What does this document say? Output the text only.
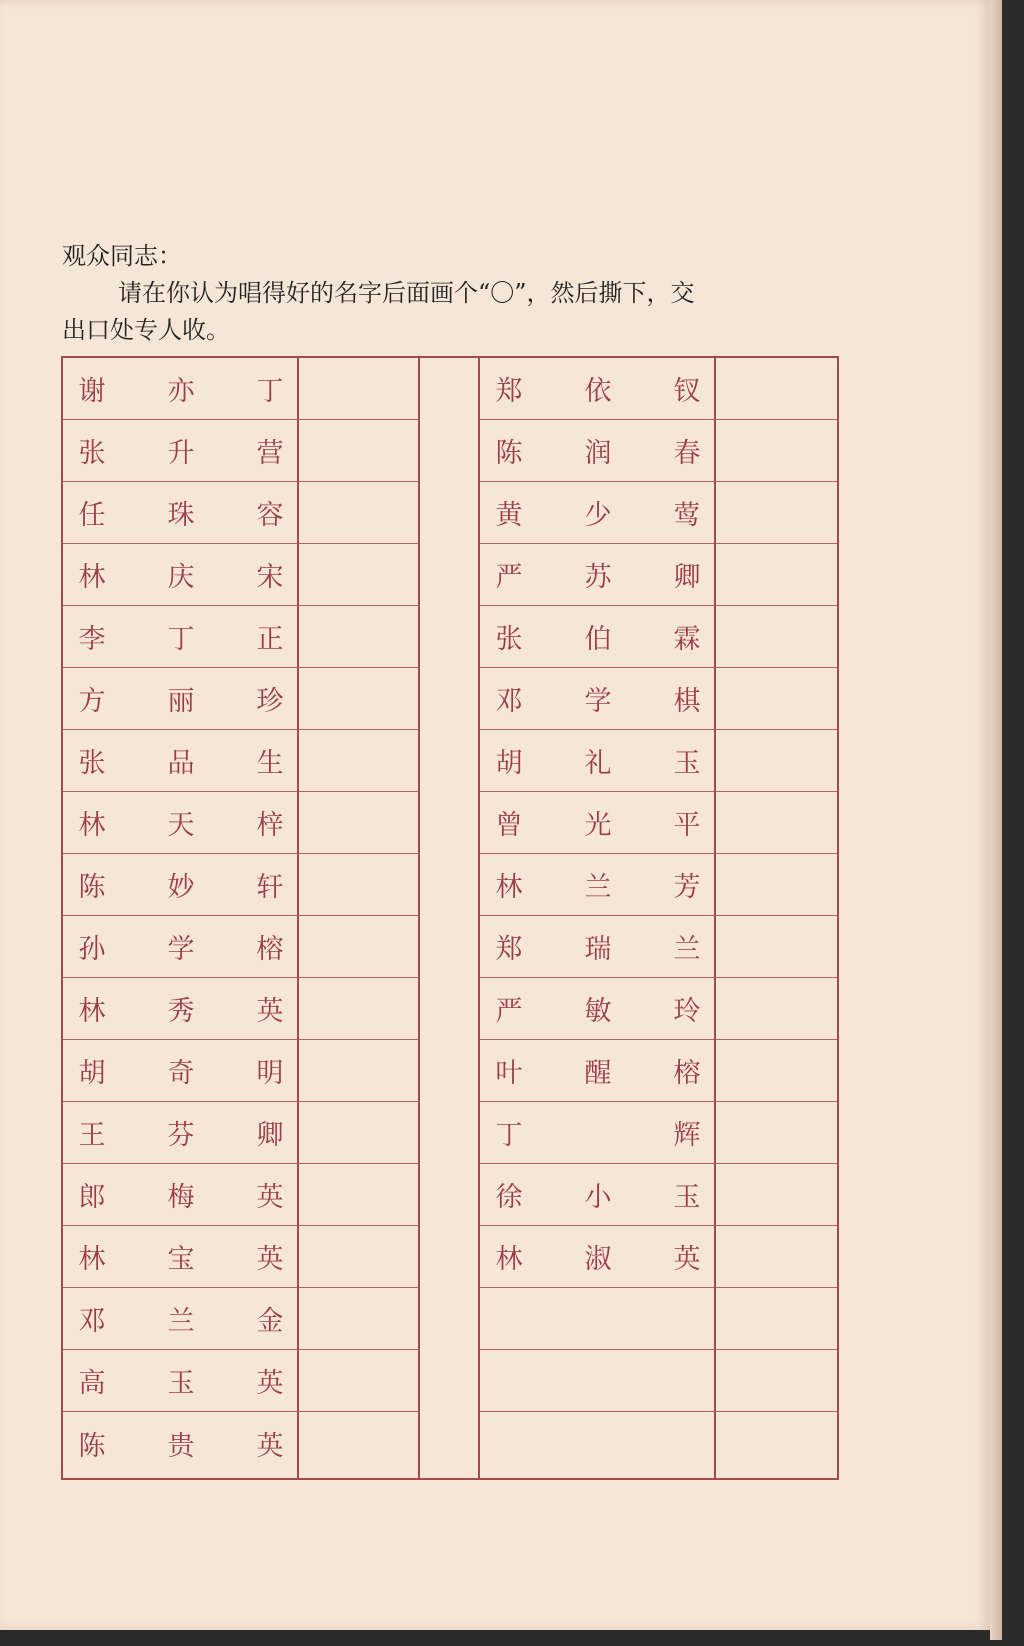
观众同志：
请在你认为唱得好的名字后面画个“〇”，然后撕下，交
出口处专人收。
谢 亦 丁
张 升 营
任 珠 容
林 庆 宋
李 丁 正
方 丽 珍
张 品 生
林 天 梓
陈 妙 轩
孙 学 榕
林 秀 英
胡 奇 明
王 芬 卿
郎 梅 英
林 宝 英
邓 兰 金
高 玉 英
陈 贵 英
郑 依 钗
陈 润 春
黄 少 莺
严 苏 卿
张 伯 霖
邓 学 棋
胡 礼 玉
曾 光 平
林 兰 芳
郑 瑞 兰
严 敏 玲
叶 醒 榕
丁	辉
徐 小 玉
林 淑 英
